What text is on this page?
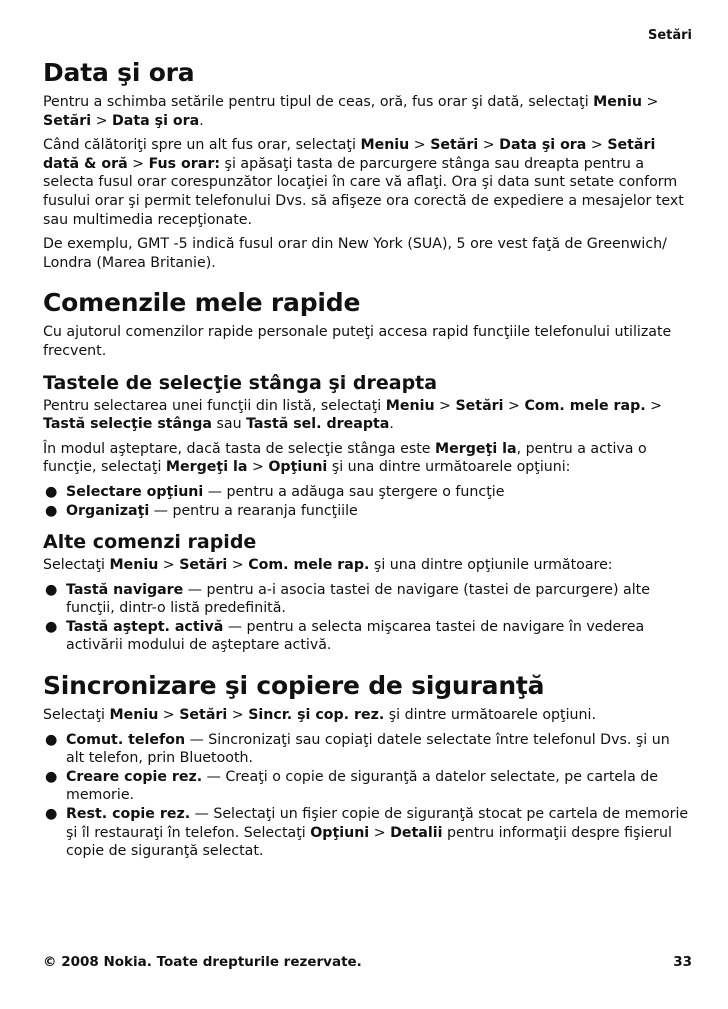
Setări
Data şi ora

Pentru a schimba setările pentru tipul de ceas, oră, fus orar şi dată, selectaţi Meniu > Setări > Data şi ora.

Când călătoriţi spre un alt fus orar, selectaţi Meniu > Setări > Data şi ora > Setări dată & oră > Fus orar: şi apăsaţi tasta de parcurgere stânga sau dreapta pentru a selecta fusul orar corespunzător locaţiei în care vă aflaţi. Ora şi data sunt setate conform fusului orar şi permit telefonului Dvs. să afişeze ora corectă de expediere a mesajelor text sau multimedia recepţionate.

De exemplu, GMT -5 indică fusul orar din New York (SUA), 5 ore vest faţă de Greenwich/ Londra (Marea Britanie).

Comenzile mele rapide

Cu ajutorul comenzilor rapide personale puteţi accesa rapid funcţiile telefonului utilizate frecvent.

Tastele de selecţie stânga şi dreapta

Pentru selectarea unei funcţii din listă, selectaţi Meniu > Setări > Com. mele rap. > Tastă selecţie stânga sau Tastă sel. dreapta.

În modul aşteptare, dacă tasta de selecţie stânga este Mergeţi la, pentru a activa o funcţie, selectaţi Mergeţi la > Opţiuni şi una dintre următoarele opţiuni:

● Selectare opţiuni — pentru a adăuga sau ştergere o funcţie
● Organizaţi — pentru a rearanja funcţiile
Alte comenzi rapide

Selectaţi Meniu > Setări > Com. mele rap. şi una dintre opţiunile următoare:

● Tastă navigare — pentru a-i asocia tastei de navigare (tastei de parcurgere) alte funcţii, dintr-o listă predefinită.
● Tastă aştept. activă — pentru a selecta mişcarea tastei de navigare în vederea activării modului de aşteptare activă.
Sincronizare şi copiere de siguranţă

Selectaţi Meniu > Setări > Sincr. şi cop. rez. şi dintre următoarele opţiuni.

● Comut. telefon — Sincronizaţi sau copiaţi datele selectate între telefonul Dvs. şi un alt telefon, prin Bluetooth.
● Creare copie rez. — Creaţi o copie de siguranţă a datelor selectate, pe cartela de memorie.
● Rest. copie rez. — Selectaţi un fişier copie de siguranţă stocat pe cartela de memorie şi îl restauraţi în telefon. Selectaţi Opţiuni > Detalii pentru informaţii despre fişierul copie de siguranţă selectat.
© 2008 Nokia. Toate drepturile rezervate.	33
